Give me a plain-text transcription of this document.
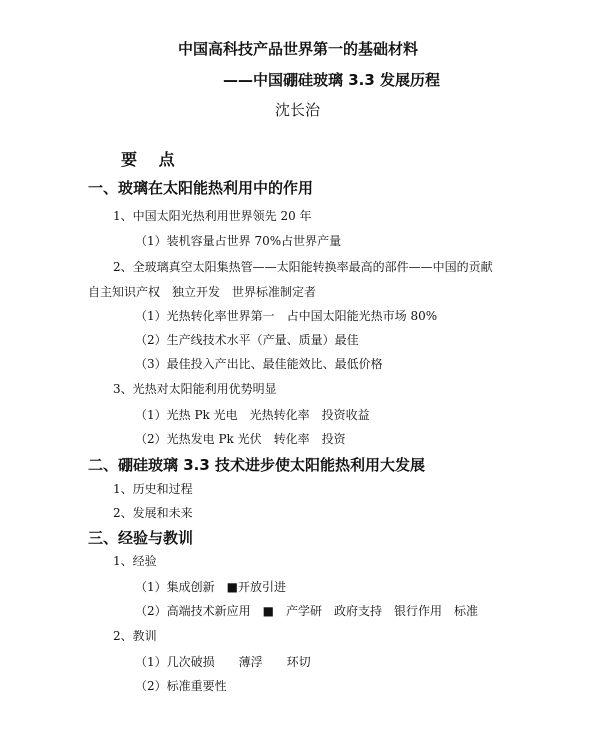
中国高科技产品世界第一的基础材料
——中国硼硅玻璃 3.3 发展历程
沈长治
要 点
一、玻璃在太阳能热利用中的作用
1、中国太阳光热利用世界领先 20 年
（1）装机容量占世界 70%占世界产量
2、全玻璃真空太阳集热管——太阳能转换率最高的部件——中国的贡献
自主知识产权　独立开发　世界标准制定者
（1）光热转化率世界第一　占中国太阳能光热市场 80%
（2）生产线技术水平（产量、质量）最佳
（3）最佳投入产出比、最佳能效比、最低价格
3、光热对太阳能利用优势明显
（1）光热 Pk 光电　光热转化率　投资收益
（2）光热发电 Pk 光伏　转化率　投资
二、硼硅玻璃 3.3 技术进步使太阳能热利用大发展
1、历史和过程
2、发展和未来
三、经验与教训
1、经验
（1）集成创新　■开放引进
（2）高端技术新应用　■　产学研　政府支持　银行作用　标准
2、教训
（1）几次破损　　薄浮　　环切
（2）标准重要性
